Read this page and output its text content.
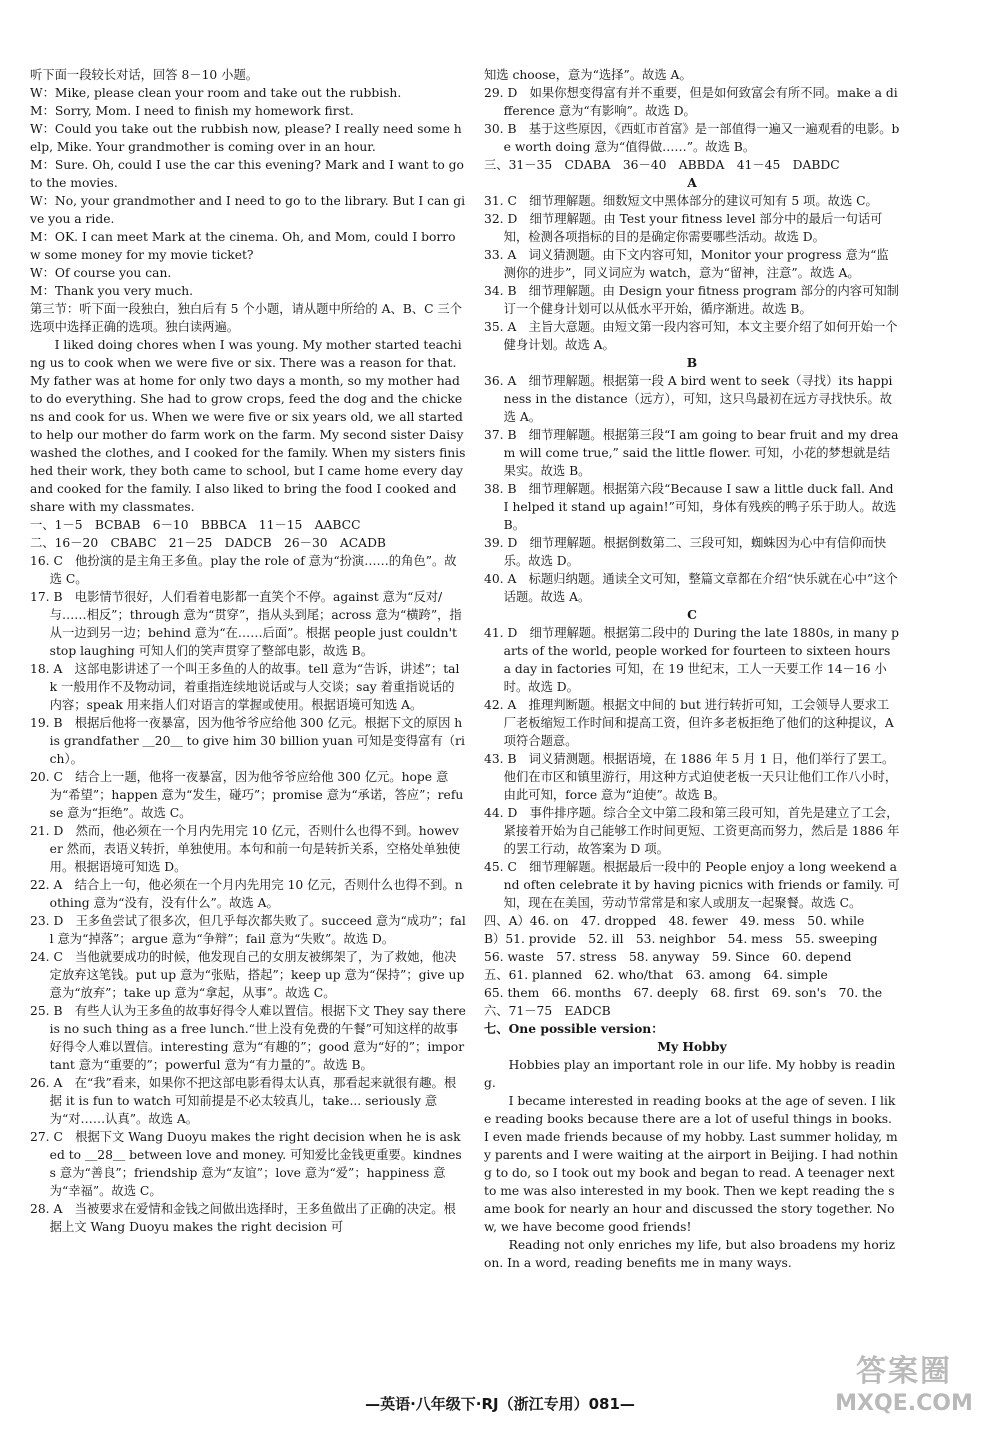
听下面一段较长对话，回答 8－10 小题。
W：Mike, please clean your room and take out the rubbish.
M：Sorry, Mom. I need to finish my homework first.
W：Could you take out the rubbish now, please? I really need some help, Mike. Your grandmother is coming over in an hour.
M：Sure. Oh, could I use the car this evening? Mark and I want to go to the movies.
W：No, your grandmother and I need to go to the library. But I can give you a ride.
M：OK. I can meet Mark at the cinema. Oh, and Mom, could I borrow some money for my movie ticket?
W：Of course you can.
M：Thank you very much.
第三节：听下面一段独白，独白后有 5 个小题，请从题中所给的 A、B、C 三个选项中选择正确的选项。独白读两遍。
I liked doing chores when I was young. My mother started teaching us to cook when we were five or six. There was a reason for that. My father was at home for only two days a month, so my mother had to do everything. She had to grow crops, feed the dog and the chickens and cook for us. When we were five or six years old, we all started to help our mother do farm work on the farm. My second sister Daisy washed the clothes, and I cooked for the family. When my sisters finished their work, they both came to school, but I came home every day and cooked for the family. I also liked to bring the food I cooked and share with my classmates.
一、1－5　BCBAB　6－10　BBBCA　11－15　AABCC
二、16－20　CBABC　21－25　DADCB　26－30　ACADB
16. C　他扮演的是主角王多鱼。play the role of 意为“扮演……的角色”。故选 C。
17. B　电影情节很好，人们看着电影都一直笑个不停。against 意为“反对/与……相反”；through 意为“贯穿”，指从头到尾；across 意为“横跨”，指从一边到另一边；behind 意为“在……后面”。根据 people just couldn't stop laughing 可知人们的笑声贯穿了整部电影，故选 B。
18. A　这部电影讲述了一个叫王多鱼的人的故事。tell 意为“告诉，讲述”；talk 一般用作不及物动词，着重指连续地说话或与人交谈；say 着重指说话的内容；speak 用来指人们对语言的掌握或使用。根据语境可知选 A。
19. B　根据后他将一夜暴富，因为他爷爷应给他 300 亿元。根据下文的原因 his grandfather ＿20＿ to give him 30 billion yuan 可知是变得富有（rich）。
20. C　结合上一题，他将一夜暴富，因为他爷爷应给他 300 亿元。hope 意为“希望”；happen 意为“发生，碰巧”；promise 意为“承诺，答应”；refuse 意为“拒绝”。故选 C。
21. D　然而，他必须在一个月内先用完 10 亿元，否则什么也得不到。however 然而，表语义转折，单独使用。本句和前一句是转折关系，空格处单独使用。根据语境可知选 D。
22. A　结合上一句，他必须在一个月内先用完 10 亿元，否则什么也得不到。nothing 意为“没有，没有什么”。故选 A。
23. D　王多鱼尝试了很多次，但几乎每次都失败了。succeed 意为“成功”；fall 意为“掉落”；argue 意为“争辩”；fail 意为“失败”。故选 D。
24. C　当他就要成功的时候，他发现自己的女朋友被绑架了，为了救她，他决定放弃这笔钱。put up 意为“张贴，搭起”；keep up 意为“保持”；give up 意为“放弃”；take up 意为“拿起，从事”。故选 C。
25. B　有些人认为王多鱼的故事好得令人难以置信。根据下文 They say there is no such thing as a free lunch.“世上没有免费的午餐”可知这样的故事好得令人难以置信。interesting 意为“有趣的”；good 意为“好的”；important 意为“重要的”；powerful 意为“有力量的”。故选 B。
26. A　在“我”看来，如果你不把这部电影看得太认真，那看起来就很有趣。根据 it is fun to watch 可知前提是不必太较真儿，take... seriously 意为“对……认真”。故选 A。
27. C　根据下文 Wang Duoyu makes the right decision when he is asked to ＿28＿ between love and money. 可知爱比金钱更重要。kindness 意为“善良”；friendship 意为“友谊”；love 意为“爱”；happiness 意为“幸福”。故选 C。
28. A　当被要求在爱情和金钱之间做出选择时，王多鱼做出了正确的决定。根据上文 Wang Duoyu makes the right decision 可
知选 choose，意为“选择”。故选 A。
29. D　如果你想变得富有并不重要，但是如何致富会有所不同。make a difference 意为“有影响”。故选 D。
30. B　基于这些原因，《西虹市首富》是一部值得一遍又一遍观看的电影。be worth doing 意为“值得做……”。故选 B。
三、31－35　CDABA　36－40　ABBDA　41－45　DABDC
A
31. C　细节理解题。细数短文中黑体部分的建议可知有 5 项。故选 C。
32. D　细节理解题。由 Test your fitness level 部分中的最后一句话可知，检测各项指标的目的是确定你需要哪些活动。故选 D。
33. A　词义猜测题。由下文内容可知，Monitor your progress 意为“监测你的进步”，同义词应为 watch，意为“留神，注意”。故选 A。
34. B　细节理解题。由 Design your fitness program 部分的内容可知制订一个健身计划可以从低水平开始，循序渐进。故选 B。
35. A　主旨大意题。由短文第一段内容可知，本文主要介绍了如何开始一个健身计划。故选 A。
B
36. A　细节理解题。根据第一段 A bird went to seek（寻找）its happiness in the distance（远方），可知，这只鸟最初在远方寻找快乐。故选 A。
37. B　细节理解题。根据第三段“I am going to bear fruit and my dream will come true,” said the little flower. 可知，小花的梦想就是结果实。故选 B。
38. B　细节理解题。根据第六段“Because I saw a little duck fall. And I helped it stand up again!”可知，身体有残疾的鸭子乐于助人。故选 B。
39. D　细节理解题。根据倒数第二、三段可知，蜘蛛因为心中有信仰而快乐。故选 D。
40. A　标题归纳题。通读全文可知，整篇文章都在介绍“快乐就在心中”这个话题。故选 A。
C
41. D　细节理解题。根据第二段中的 During the late 1880s, in many parts of the world, people worked for fourteen to sixteen hours a day in factories 可知，在 19 世纪末，工人一天要工作 14－16 小时。故选 D。
42. A　推理判断题。根据文中间的 but 进行转折可知，工会领导人要求工厂老板缩短工作时间和提高工资，但许多老板拒绝了他们的这种提议，A 项符合题意。
43. B　词义猜测题。根据语境，在 1886 年 5 月 1 日，他们举行了罢工。他们在市区和镇里游行，用这种方式迫使老板一天只让他们工作八小时，由此可知，force 意为“迫使”。故选 B。
44. D　事件排序题。综合全文中第二段和第三段可知，首先是建立了工会，紧接着开始为自己能够工作时间更短、工资更高而努力，然后是 1886 年的罢工行动，故答案为 D 项。
45. C　细节理解题。根据最后一段中的 People enjoy a long weekend and often celebrate it by having picnics with friends or family. 可知，现在在美国，劳动节常常是和家人或朋友一起聚餐。故选 C。
四、A）46. on　47. dropped　48. fewer　49. mess　50. while
B）51. provide　52. ill　53. neighbor　54. mess　55. sweeping
56. waste　57. stress　58. anyway　59. Since　60. depend
五、61. planned　62. who/that　63. among　64. simple
65. them　66. months　67. deeply　68. first　69. son's　70. the
六、71－75　EADCB
七、One possible version：
My Hobby
Hobbies play an important role in our life. My hobby is reading.
I became interested in reading books at the age of seven. I like reading books because there are a lot of useful things in books. I even made friends because of my hobby. Last summer holiday, my parents and I were waiting at the airport in Beijing. I had nothing to do, so I took out my book and began to read. A teenager next to me was also interested in my book. Then we kept reading the same book for nearly an hour and discussed the story together. Now, we have become good friends!
Reading not only enriches my life, but also broadens my horizon. In a word, reading benefits me in many ways.
—英语·八年级下·RJ（浙江专用）081—
答案圈
MXQE.COM
